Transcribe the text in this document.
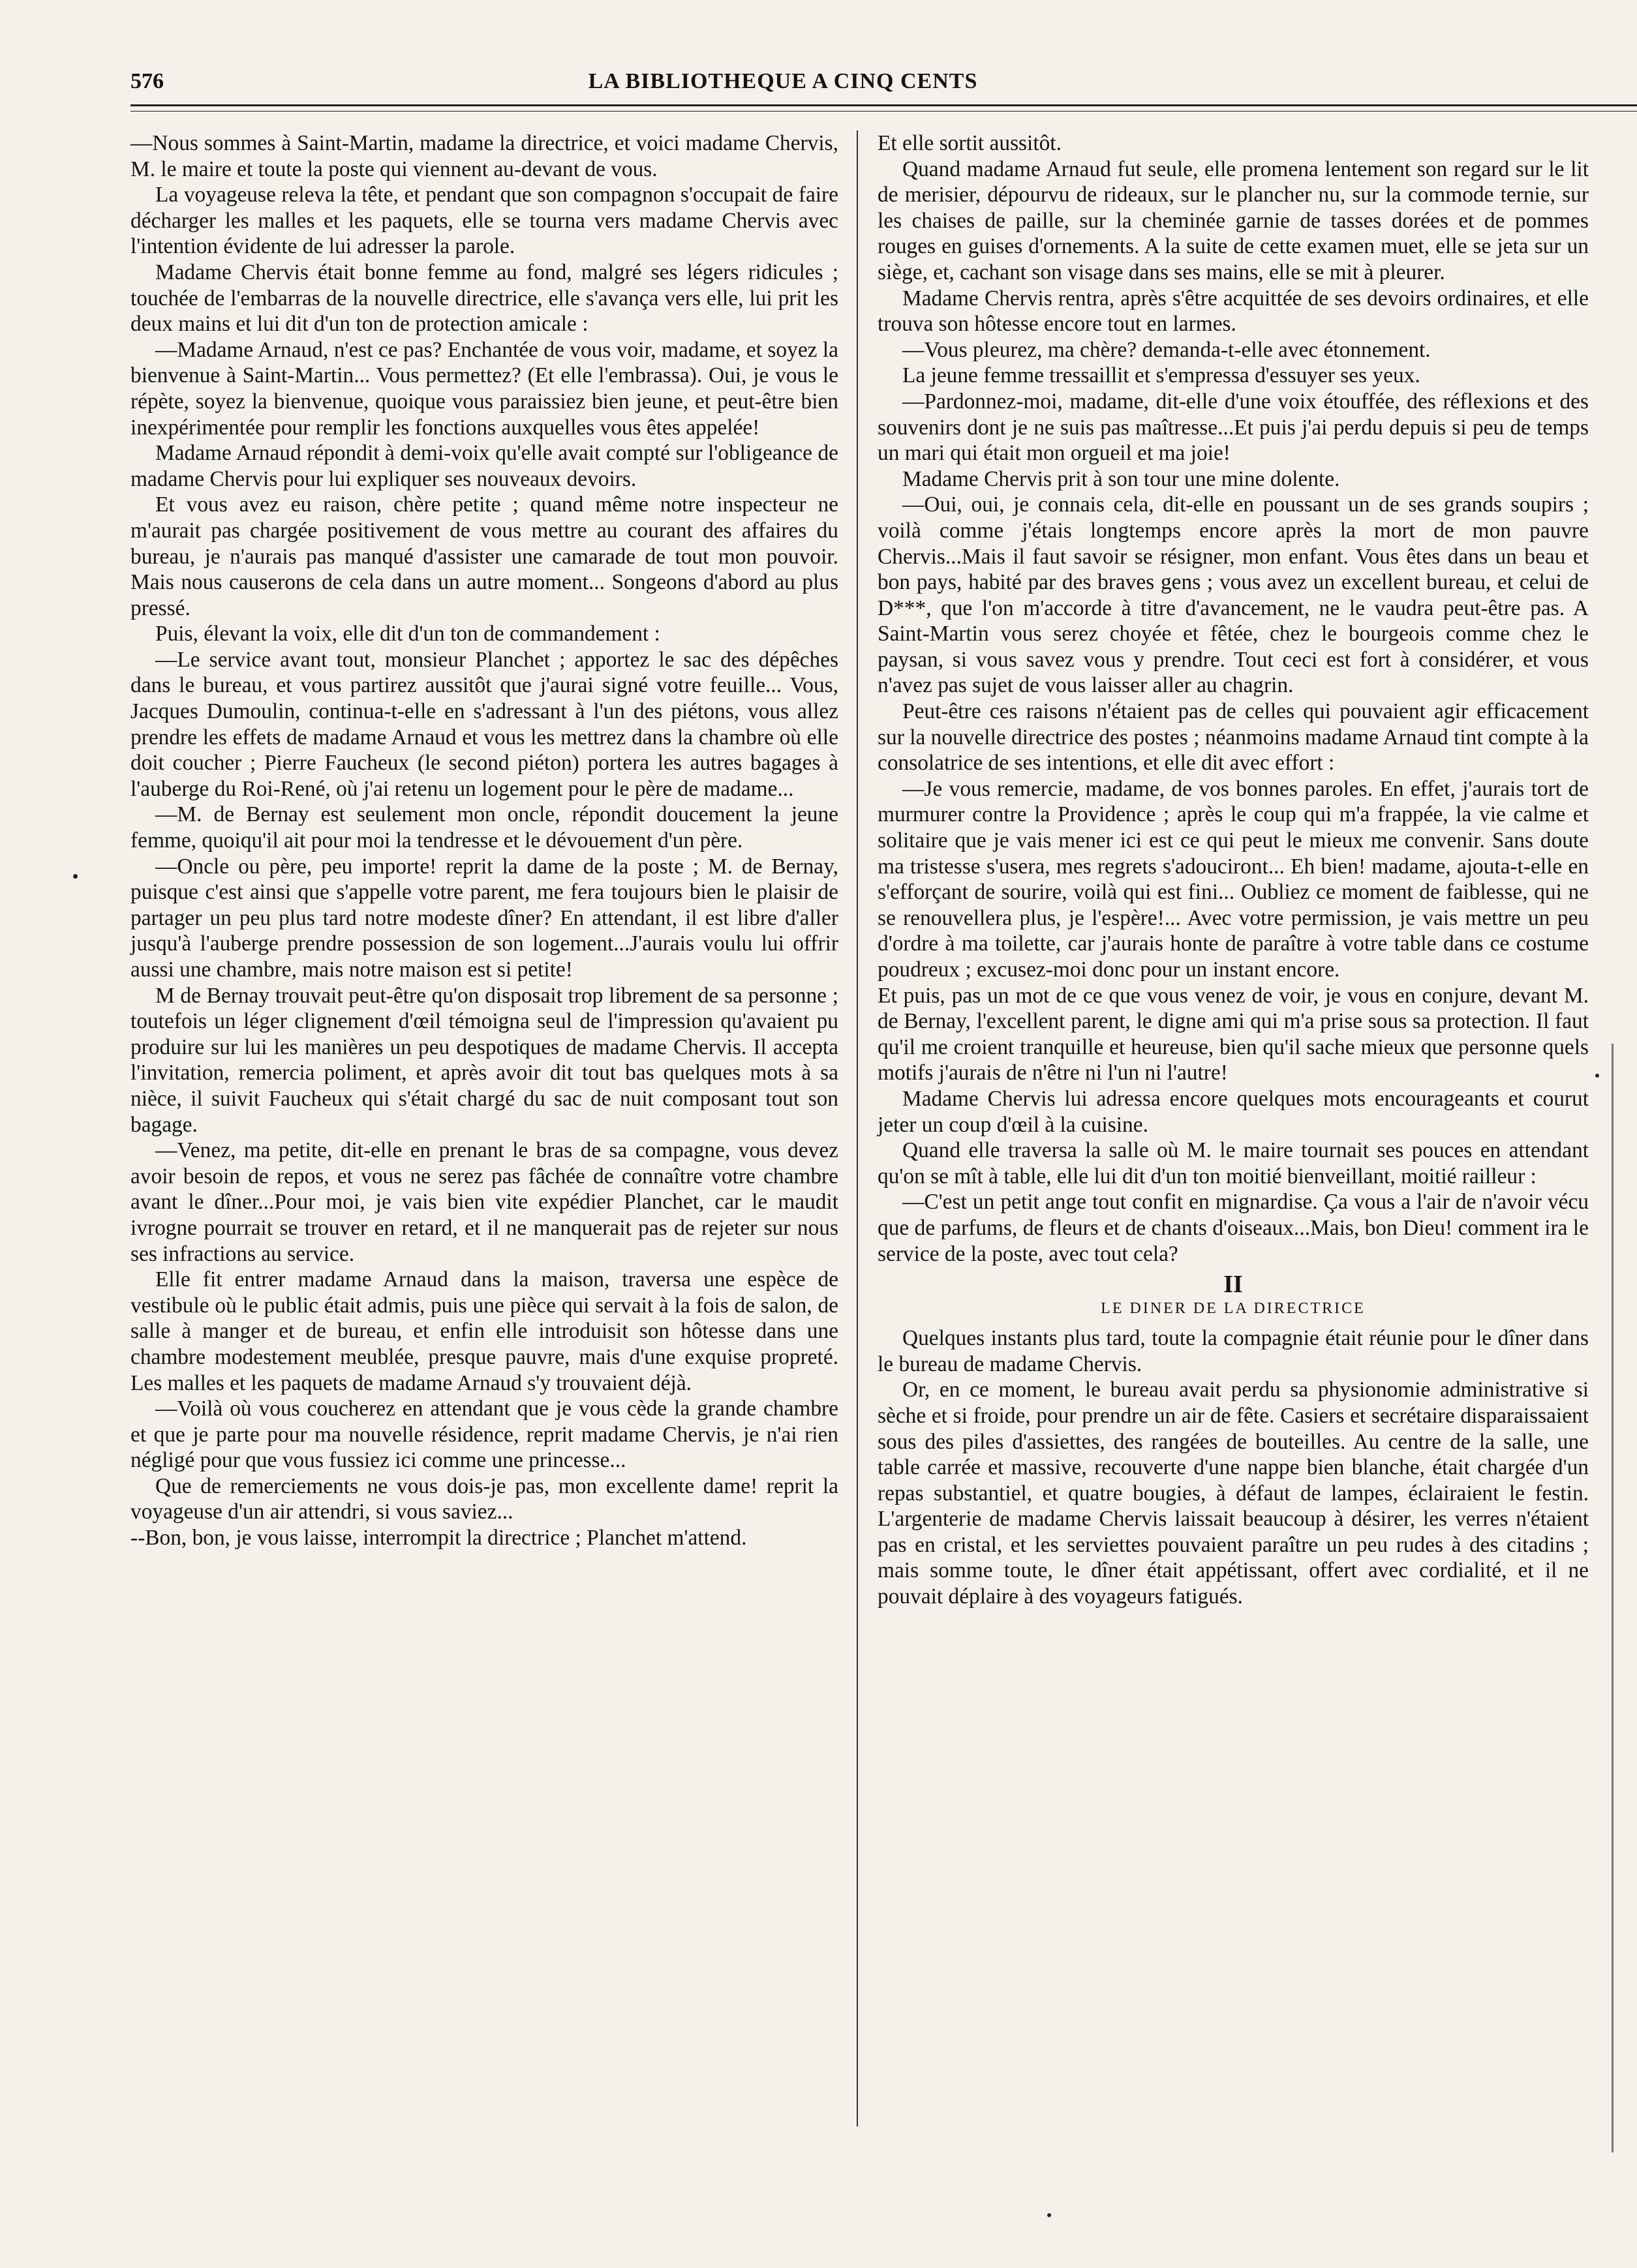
576	LA BIBLIOTHEQUE A CINQ CENTS

—Nous sommes à Saint-Martin, madame la directrice, et voici madame Chervis, M. le maire et toute la poste qui viennent au-devant de vous.

La voyageuse releva la tête, et pendant que son compagnon s'occupait de faire décharger les malles et les paquets, elle se tourna vers madame Chervis avec l'intention évidente de lui adresser la parole.

Madame Chervis était bonne femme au fond, malgré ses légers ridicules ; touchée de l'embarras de la nouvelle directrice, elle s'avança vers elle, lui prit les deux mains et lui dit d'un ton de protection amicale :

—Madame Arnaud, n'est ce pas? Enchantée de vous voir, madame, et soyez la bienvenue à Saint-Martin... Vous permettez? (Et elle l'embrassa). Oui, je vous le répète, soyez la bienvenue, quoique vous paraissiez bien jeune, et peut-être bien inexpérimentée pour remplir les fonctions auxquelles vous êtes appelée!

Madame Arnaud répondit à demi-voix qu'elle avait compté sur l'obligeance de madame Chervis pour lui expliquer ses nouveaux devoirs.

Et vous avez eu raison, chère petite ; quand même notre inspecteur ne m'aurait pas chargée positivement de vous mettre au courant des affaires du bureau, je n'aurais pas manqué d'assister une camarade de tout mon pouvoir. Mais nous causerons de cela dans un autre moment... Songeons d'abord au plus pressé.

Puis, élevant la voix, elle dit d'un ton de commandement :

—Le service avant tout, monsieur Planchet ; apportez le sac des dépêches dans le bureau, et vous partirez aussitôt que j'aurai signé votre feuille... Vous, Jacques Dumoulin, continua-t-elle en s'adressant à l'un des piétons, vous allez prendre les effets de madame Arnaud et vous les mettrez dans la chambre où elle doit coucher ; Pierre Faucheux (le second piéton) portera les autres bagages à l'auberge du Roi-René, où j'ai retenu un logement pour le père de madame...

—M. de Bernay est seulement mon oncle, répondit doucement la jeune femme, quoiqu'il ait pour moi la tendresse et le dévouement d'un père.

—Oncle ou père, peu importe! reprit la dame de la poste ; M. de Bernay, puisque c'est ainsi que s'appelle votre parent, me fera toujours bien le plaisir de partager un peu plus tard notre modeste dîner? En attendant, il est libre d'aller jusqu'à l'auberge prendre possession de son logement...J'aurais voulu lui offrir aussi une chambre, mais notre maison est si petite!

M de Bernay trouvait peut-être qu'on disposait trop librement de sa personne ; toutefois un léger clignement d'œil témoigna seul de l'impression qu'avaient pu produire sur lui les manières un peu despotiques de madame Chervis. Il accepta l'invitation, remercia poliment, et après avoir dit tout bas quelques mots à sa nièce, il suivit Faucheux qui s'était chargé du sac de nuit composant tout son bagage.

—Venez, ma petite, dit-elle en prenant le bras de sa compagne, vous devez avoir besoin de repos, et vous ne serez pas fâchée de connaître votre chambre avant le dîner...Pour moi, je vais bien vite expédier Planchet, car le maudit ivrogne pourrait se trouver en retard, et il ne manquerait pas de rejeter sur nous ses infractions au service.

Elle fit entrer madame Arnaud dans la maison, traversa une espèce de vestibule où le public était admis, puis une pièce qui servait à la fois de salon, de salle à manger et de bureau, et enfin elle introduisit son hôtesse dans une chambre modestement meublée, presque pauvre, mais d'une exquise propreté. Les malles et les paquets de madame Arnaud s'y trouvaient déjà.

—Voilà où vous coucherez en attendant que je vous cède la grande chambre et que je parte pour ma nouvelle résidence, reprit madame Chervis, je n'ai rien négligé pour que vous fussiez ici comme une princesse...

Que de remerciements ne vous dois-je pas, mon excellente dame! reprit la voyageuse d'un air attendri, si vous saviez...

--Bon, bon, je vous laisse, interrompit la directrice ; Planchet m'attend.

Et elle sortit aussitôt.

Quand madame Arnaud fut seule, elle promena lentement son regard sur le lit de merisier, dépourvu de rideaux, sur le plancher nu, sur la commode ternie, sur les chaises de paille, sur la cheminée garnie de tasses dorées et de pommes rouges en guises d'ornements. A la suite de cette examen muet, elle se jeta sur un siège, et, cachant son visage dans ses mains, elle se mit à pleurer.

Madame Chervis rentra, après s'être acquittée de ses devoirs ordinaires, et elle trouva son hôtesse encore tout en larmes.

—Vous pleurez, ma chère? demanda-t-elle avec étonnement.

La jeune femme tressaillit et s'empressa d'essuyer ses yeux.

—Pardonnez-moi, madame, dit-elle d'une voix étouffée, des réflexions et des souvenirs dont je ne suis pas maîtresse...Et puis j'ai perdu depuis si peu de temps un mari qui était mon orgueil et ma joie!

Madame Chervis prit à son tour une mine dolente.

—Oui, oui, je connais cela, dit-elle en poussant un de ses grands soupirs ; voilà comme j'étais longtemps encore après la mort de mon pauvre Chervis...Mais il faut savoir se résigner, mon enfant. Vous êtes dans un beau et bon pays, habité par des braves gens ; vous avez un excellent bureau, et celui de D***, que l'on m'accorde à titre d'avancement, ne le vaudra peut-être pas. A Saint-Martin vous serez choyée et fêtée, chez le bourgeois comme chez le paysan, si vous savez vous y prendre. Tout ceci est fort à considérer, et vous n'avez pas sujet de vous laisser aller au chagrin.

Peut-être ces raisons n'étaient pas de celles qui pouvaient agir efficacement sur la nouvelle directrice des postes ; néanmoins madame Arnaud tint compte à la consolatrice de ses intentions, et elle dit avec effort :

—Je vous remercie, madame, de vos bonnes paroles. En effet, j'aurais tort de murmurer contre la Providence ; après le coup qui m'a frappée, la vie calme et solitaire que je vais mener ici est ce qui peut le mieux me convenir. Sans doute ma tristesse s'usera, mes regrets s'adouciront... Eh bien! madame, ajouta-t-elle en s'efforçant de sourire, voilà qui est fini... Oubliez ce moment de faiblesse, qui ne se renouvellera plus, je l'espère!... Avec votre permission, je vais mettre un peu d'ordre à ma toilette, car j'aurais honte de paraître à votre table dans ce costume poudreux ; excusez-moi donc pour un instant encore.

Et puis, pas un mot de ce que vous venez de voir, je vous en conjure, devant M. de Bernay, l'excellent parent, le digne ami qui m'a prise sous sa protection. Il faut qu'il me croient tranquille et heureuse, bien qu'il sache mieux que personne quels motifs j'aurais de n'être ni l'un ni l'autre!

Madame Chervis lui adressa encore quelques mots encourageants et courut jeter un coup d'œil à la cuisine.

Quand elle traversa la salle où M. le maire tournait ses pouces en attendant qu'on se mît à table, elle lui dit d'un ton moitié bienveillant, moitié railleur :

—C'est un petit ange tout confit en mignardise. Ça vous a l'air de n'avoir vécu que de parfums, de fleurs et de chants d'oiseaux...Mais, bon Dieu! comment ira le service de la poste, avec tout cela?

II
LE DINER DE LA DIRECTRICE

Quelques instants plus tard, toute la compagnie était réunie pour le dîner dans le bureau de madame Chervis.

Or, en ce moment, le bureau avait perdu sa physionomie administrative si sèche et si froide, pour prendre un air de fête. Casiers et secrétaire disparaissaient sous des piles d'assiettes, des rangées de bouteilles. Au centre de la salle, une table carrée et massive, recouverte d'une nappe bien blanche, était chargée d'un repas substantiel, et quatre bougies, à défaut de lampes, éclairaient le festin. L'argenterie de madame Chervis laissait beaucoup à désirer, les verres n'étaient pas en cristal, et les serviettes pouvaient paraître un peu rudes à des citadins ; mais somme toute, le dîner était appétissant, offert avec cordialité, et il ne pouvait déplaire à des voyageurs fatigués.
